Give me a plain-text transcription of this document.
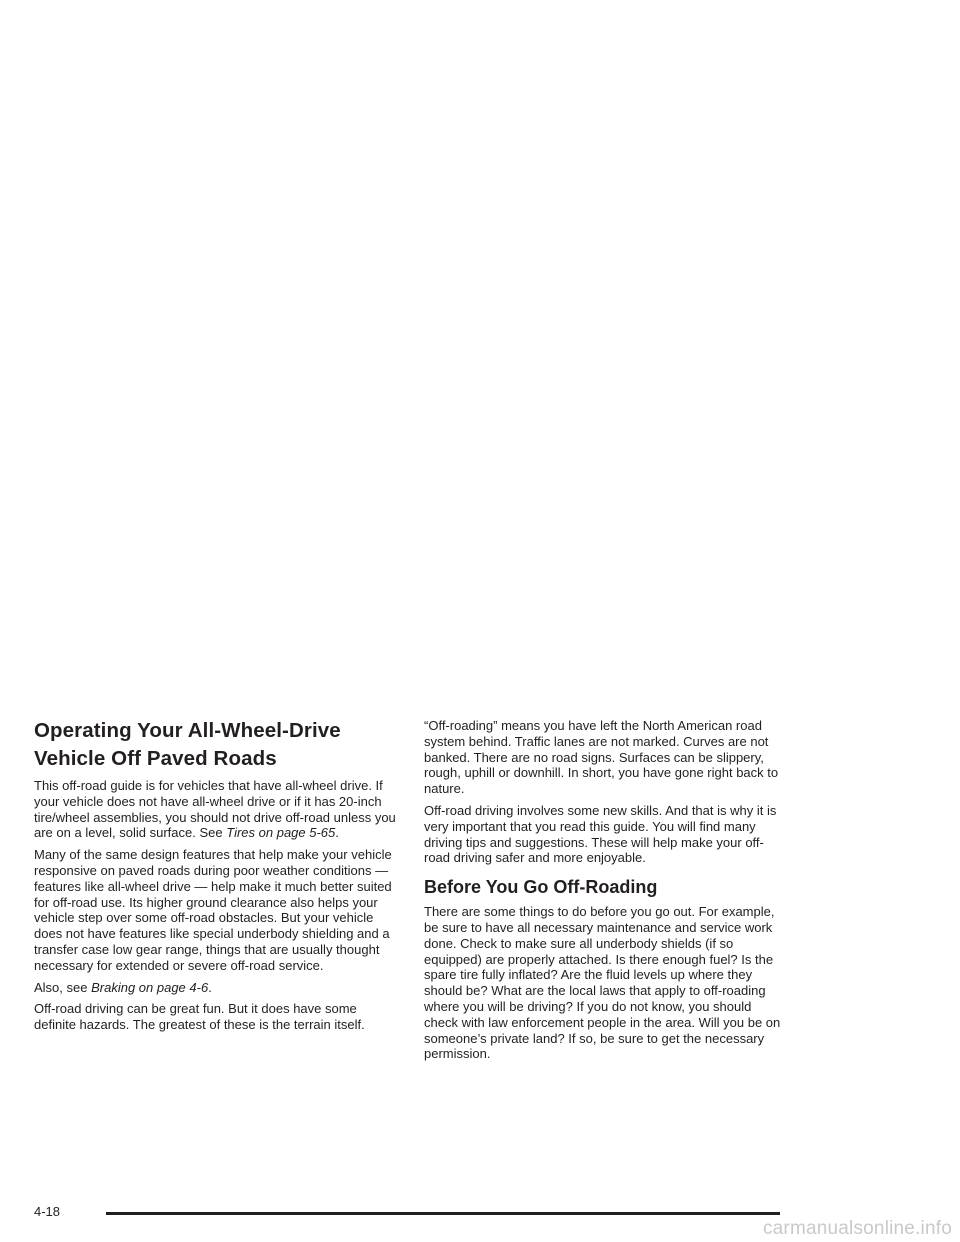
Operating Your All-Wheel-Drive Vehicle Off Paved Roads

This off-road guide is for vehicles that have all-wheel drive. If your vehicle does not have all-wheel drive or if it has 20-inch tire/wheel assemblies, you should not drive off-road unless you are on a level, solid surface. See Tires on page 5-65.

Many of the same design features that help make your vehicle responsive on paved roads during poor weather conditions — features like all-wheel drive — help make it much better suited for off-road use. Its higher ground clearance also helps your vehicle step over some off-road obstacles. But your vehicle does not have features like special underbody shielding and a transfer case low gear range, things that are usually thought necessary for extended or severe off-road service.

Also, see Braking on page 4-6.

Off-road driving can be great fun. But it does have some definite hazards. The greatest of these is the terrain itself.

“Off-roading” means you have left the North American road system behind. Traffic lanes are not marked. Curves are not banked. There are no road signs. Surfaces can be slippery, rough, uphill or downhill. In short, you have gone right back to nature.

Off-road driving involves some new skills. And that is why it is very important that you read this guide. You will find many driving tips and suggestions. These will help make your off-road driving safer and more enjoyable.

Before You Go Off-Roading

There are some things to do before you go out. For example, be sure to have all necessary maintenance and service work done. Check to make sure all underbody shields (if so equipped) are properly attached. Is there enough fuel? Is the spare tire fully inflated? Are the fluid levels up where they should be? What are the local laws that apply to off-roading where you will be driving? If you do not know, you should check with law enforcement people in the area. Will you be on someone’s private land? If so, be sure to get the necessary permission.

4-18
carmanualsonline.info
